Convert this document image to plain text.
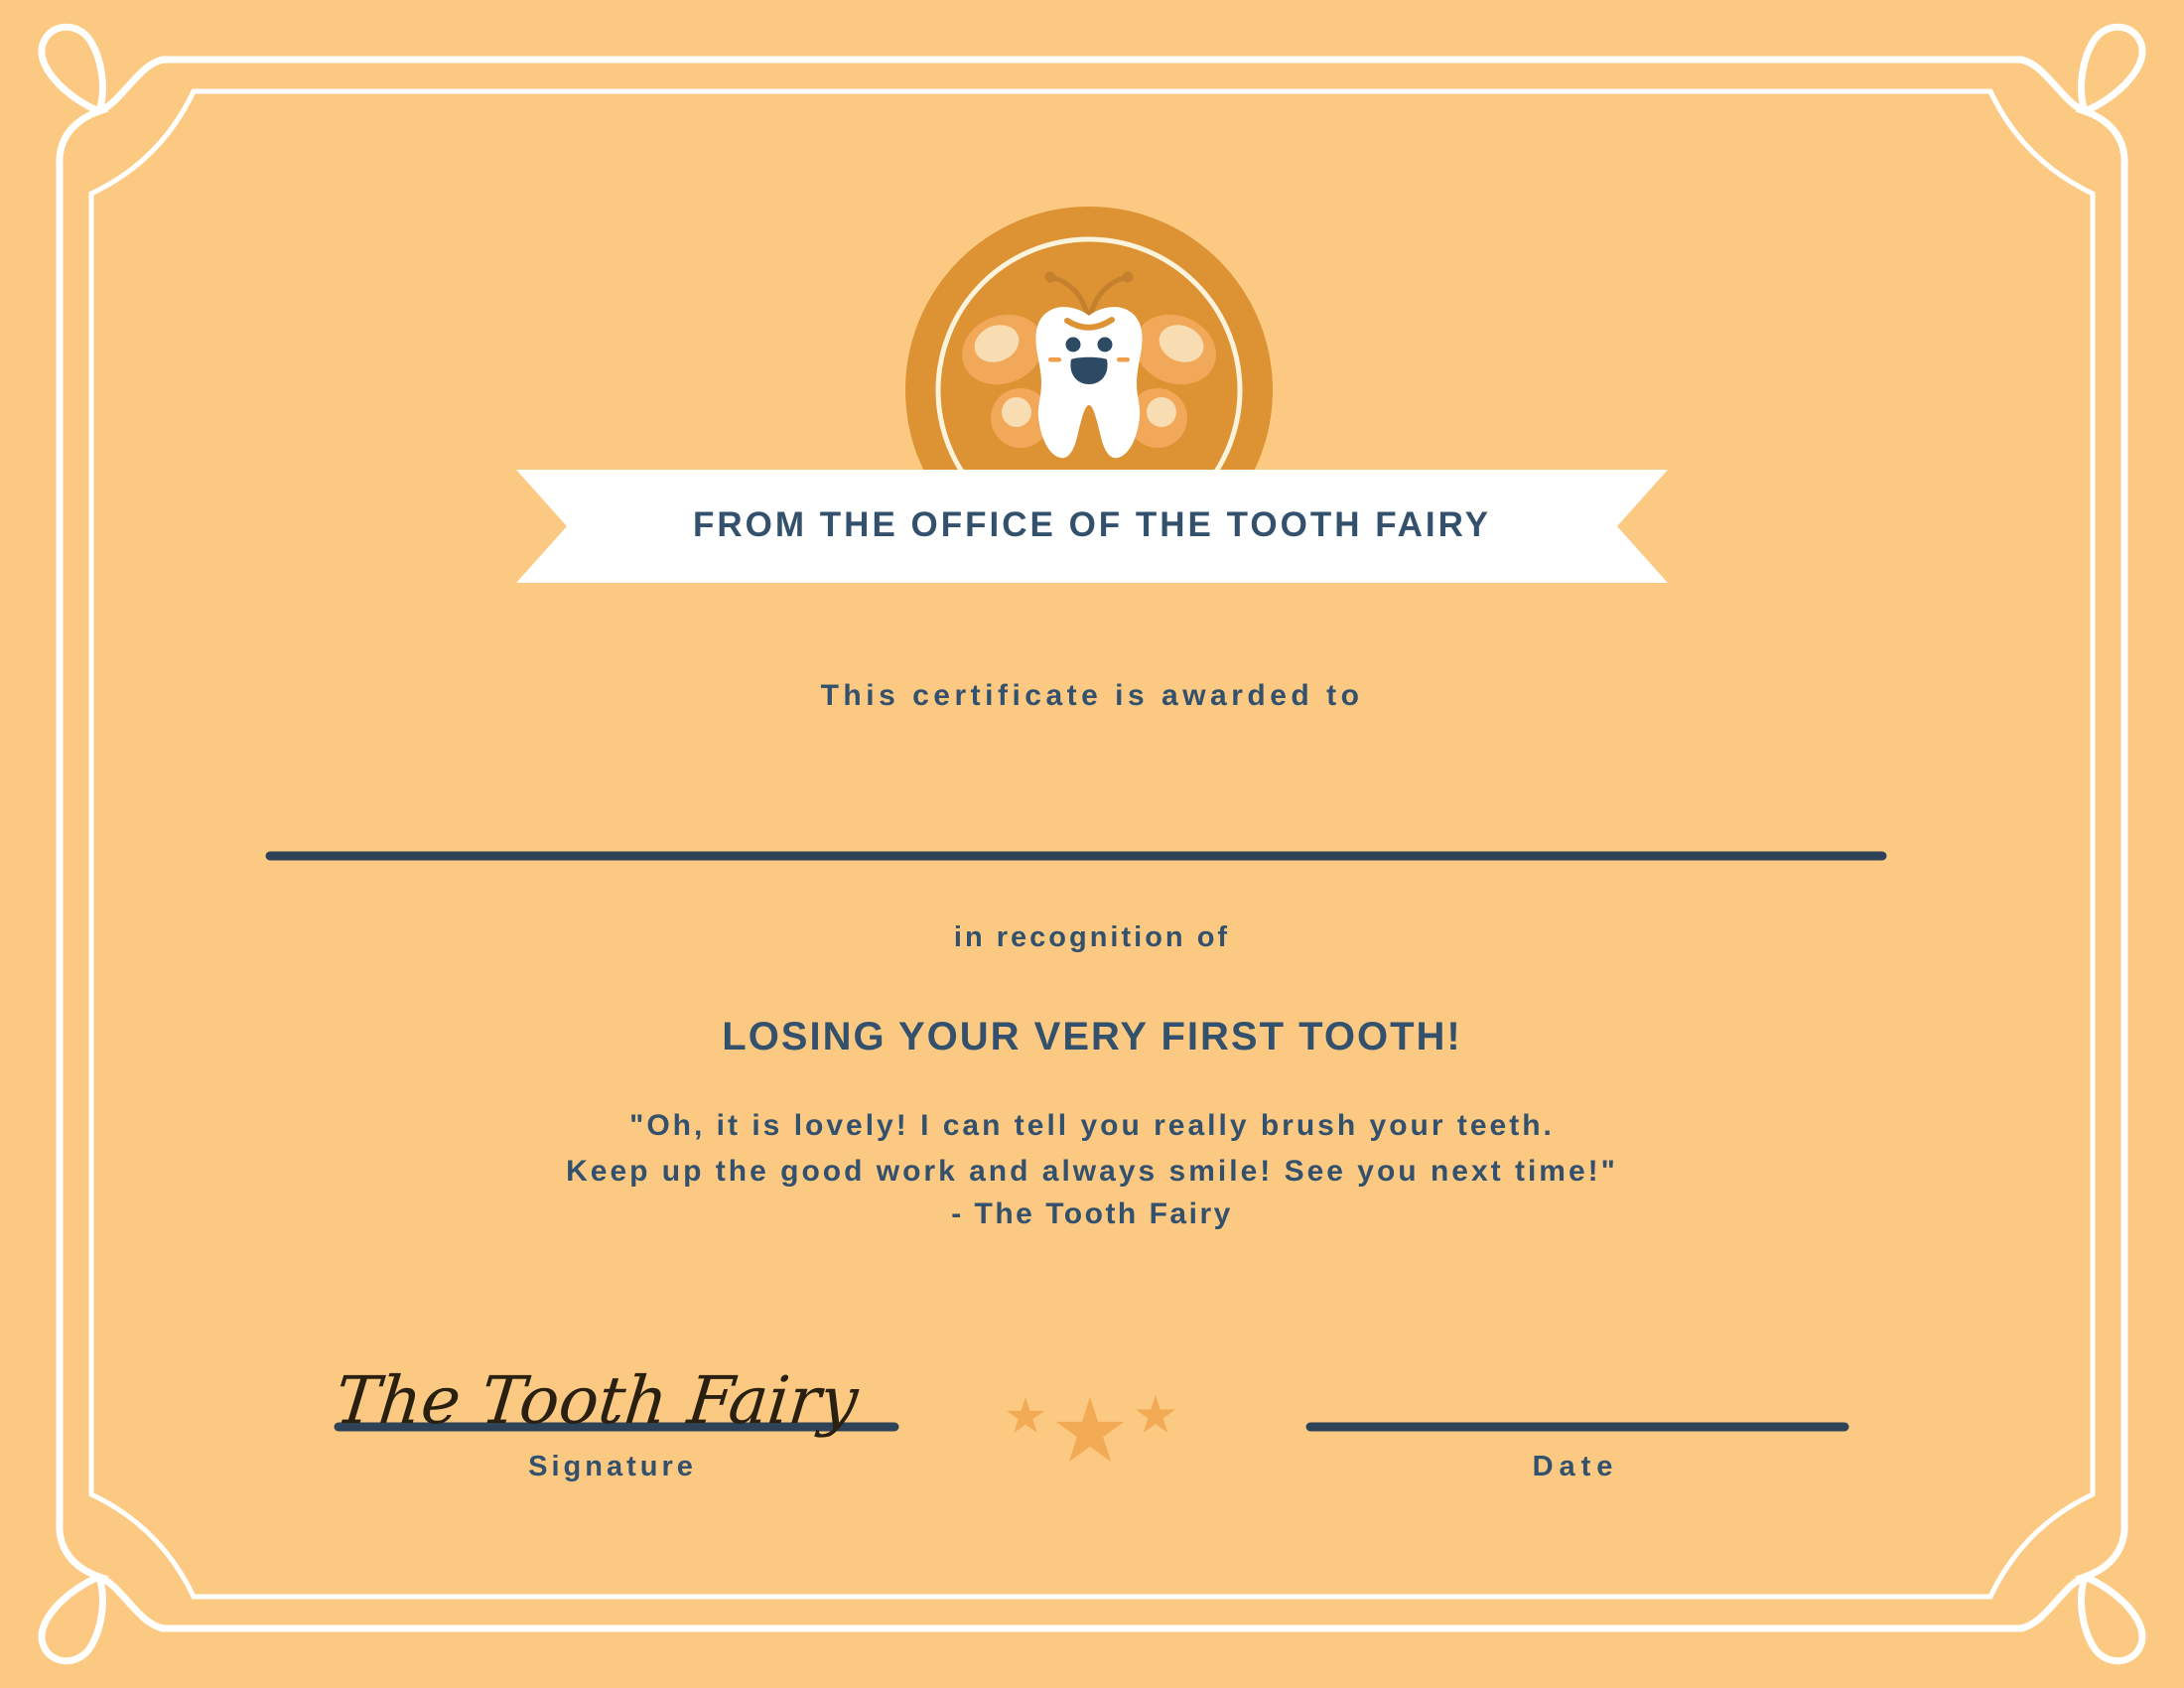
FROM THE OFFICE OF THE TOOTH FAIRY
This certificate is awarded to
in recognition of
LOSING YOUR VERY FIRST TOOTH!
"Oh, it is lovely! I can tell you really brush your teeth.
Keep up the good work and always smile! See you next time!"
- The Tooth Fairy
The Tooth Fairy
Signature	Date
